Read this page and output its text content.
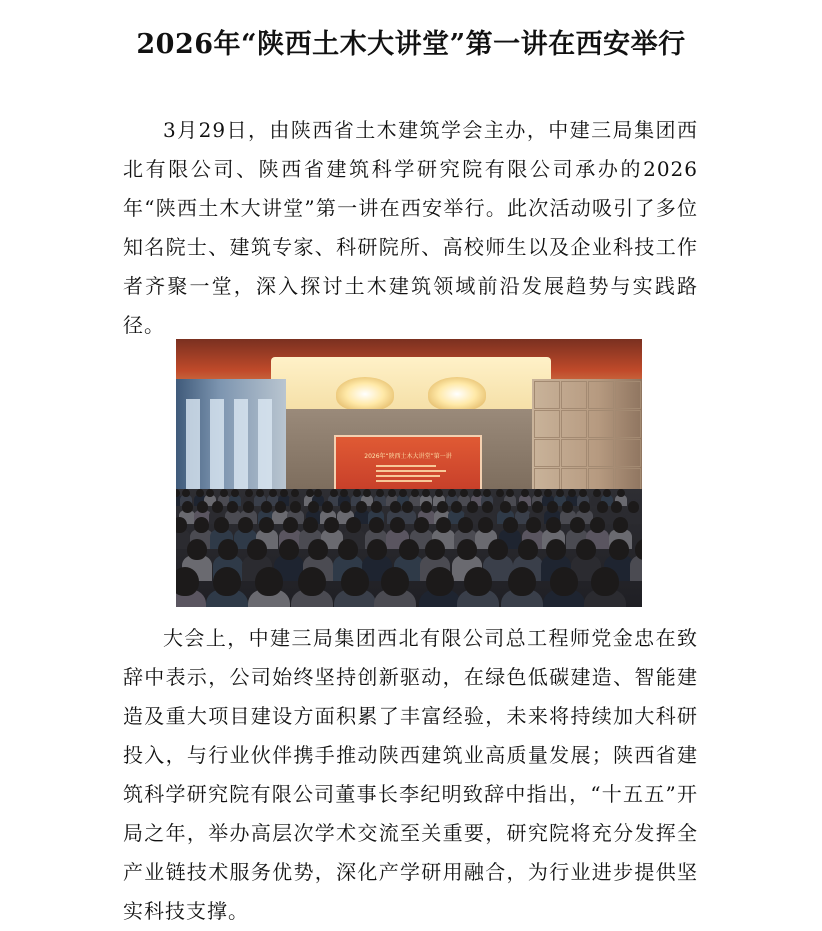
2026年“陕西土木大讲堂”第一讲在西安举行

3月29日，由陕西省土木建筑学会主办，中建三局集团西北有限公司、陕西省建筑科学研究院有限公司承办的2026年“陕西土木大讲堂”第一讲在西安举行。此次活动吸引了多位知名院士、建筑专家、科研院所、高校师生以及企业科技工作者齐聚一堂，深入探讨土木建筑领域前沿发展趋势与实践路径。

2026年“陕西土木大讲堂”第一讲

大会上，中建三局集团西北有限公司总工程师党金忠在致辞中表示，公司始终坚持创新驱动，在绿色低碳建造、智能建造及重大项目建设方面积累了丰富经验，未来将持续加大科研投入，与行业伙伴携手推动陕西建筑业高质量发展；陕西省建筑科学研究院有限公司董事长李纪明致辞中指出，“十五五”开局之年，举办高层次学术交流至关重要，研究院将充分发挥全产业链技术服务优势，深化产学研用融合，为行业进步提供坚实科技支撑。
